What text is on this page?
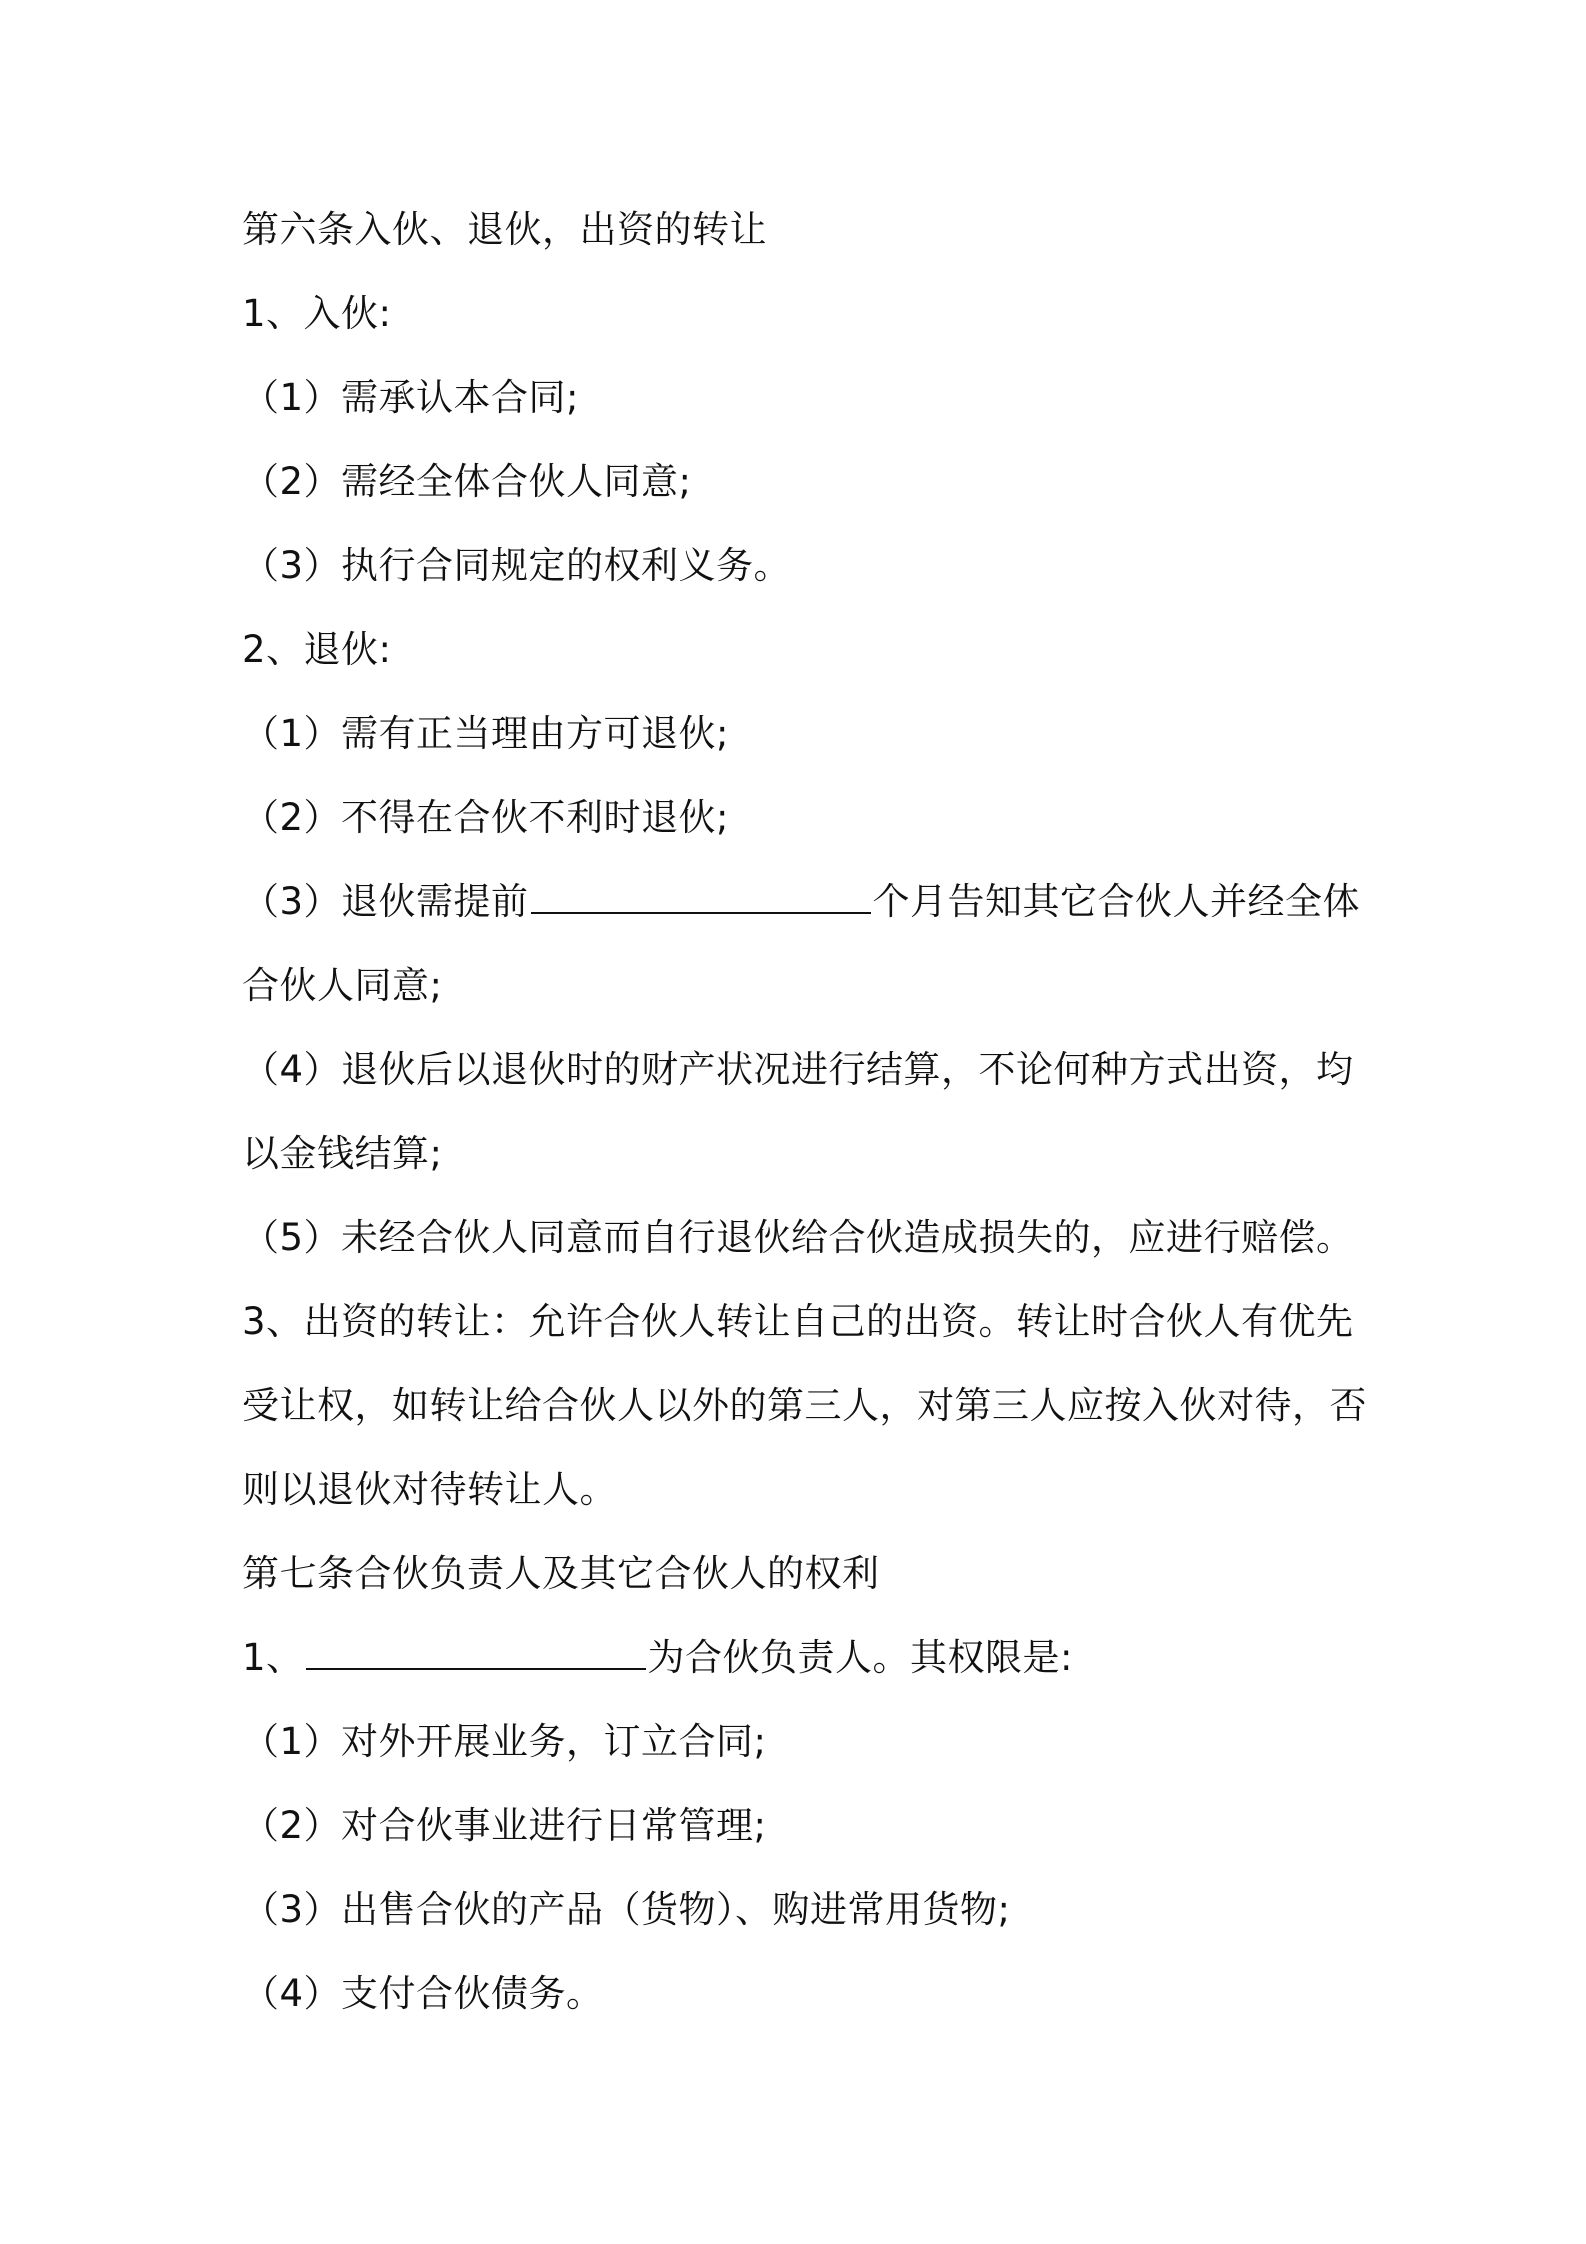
第六条入伙、退伙，出资的转让
1、入伙:
（1）需承认本合同;
（2）需经全体合伙人同意;
（3）执行合同规定的权利义务。
2、退伙:
（1）需有正当理由方可退伙;
（2）不得在合伙不利时退伙;
（3）退伙需提前	个月告知其它合伙人并经全体
合伙人同意;
（4）退伙后以退伙时的财产状况进行结算，不论何种方式出资，均
以金钱结算;
（5）未经合伙人同意而自行退伙给合伙造成损失的，应进行赔偿。
3、出资的转让：允许合伙人转让自己的出资。转让时合伙人有优先
受让权，如转让给合伙人以外的第三人，对第三人应按入伙对待，否
则以退伙对待转让人。
第七条合伙负责人及其它合伙人的权利
1、	为合伙负责人。其权限是:
（1）对外开展业务，订立合同;
（2）对合伙事业进行日常管理;
（3）出售合伙的产品（货物）、购进常用货物;
（4）支付合伙债务。
